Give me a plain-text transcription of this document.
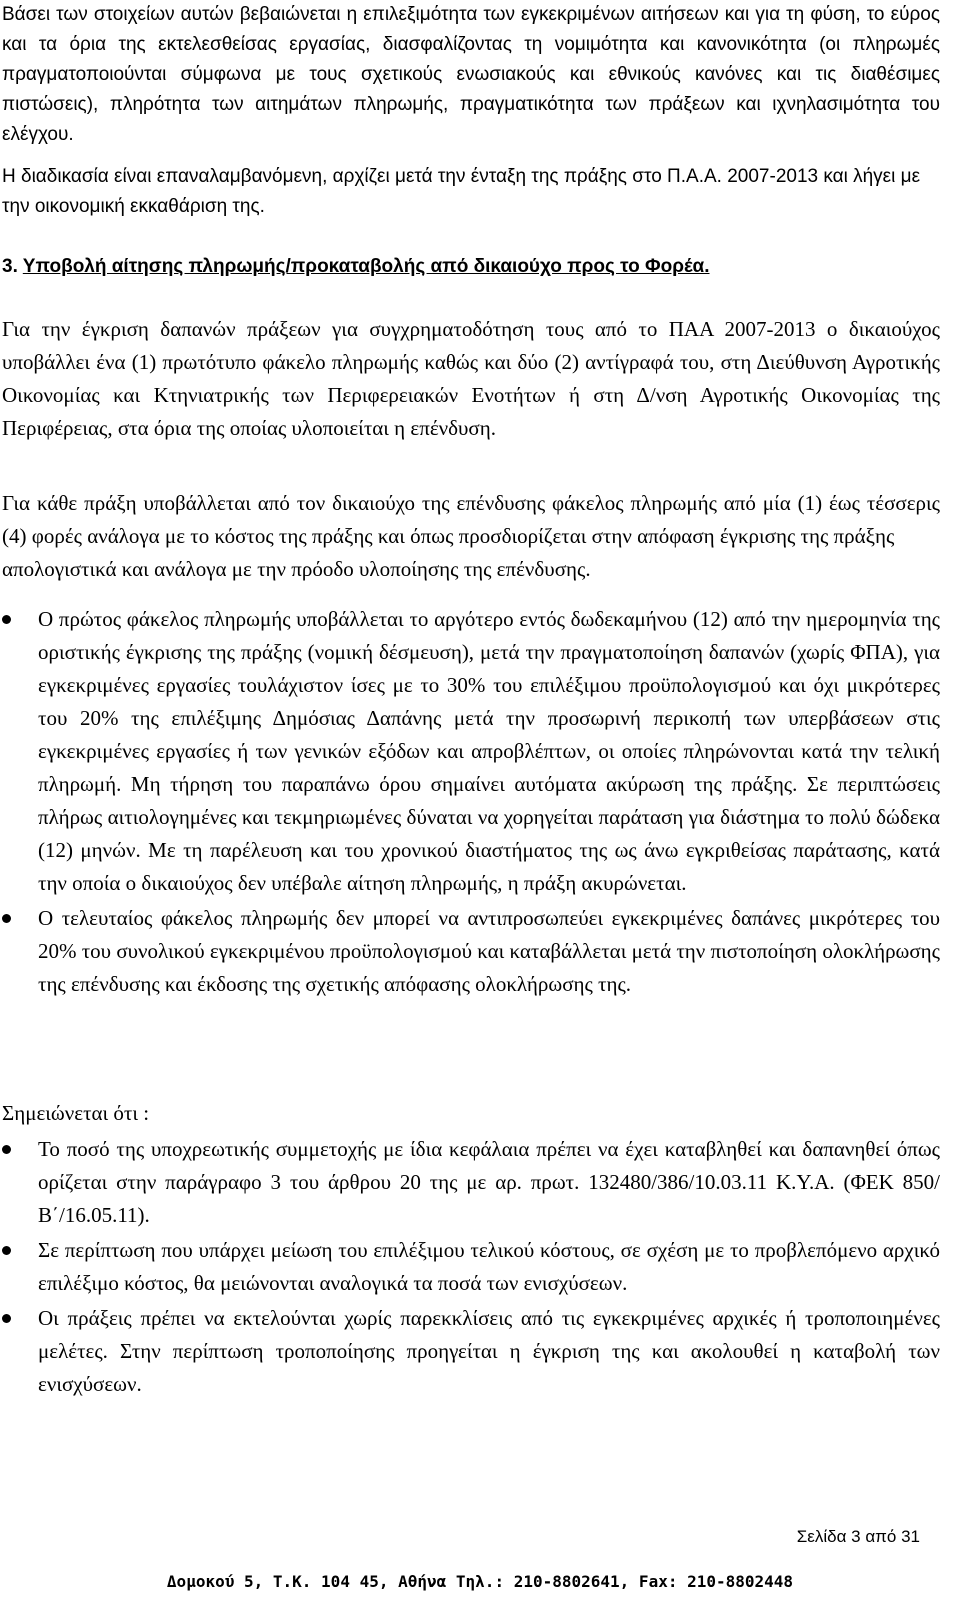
Βάσει των στοιχείων αυτών βεβαιώνεται η επιλεξιμότητα των εγκεκριμένων αιτήσεων και για τη φύση, το εύρος και τα όρια της εκτελεσθείσας εργασίας, διασφαλίζοντας τη νομιμότητα και κανονικότητα (οι πληρωμές πραγματοποιούνται σύμφωνα με τους σχετικούς ενωσιακούς και εθνικούς κανόνες και τις διαθέσιμες πιστώσεις), πληρότητα των αιτημάτων πληρωμής, πραγματικότητα των πράξεων και ιχνηλασιμότητα του ελέγχου.

Η διαδικασία είναι επαναλαμβανόμενη, αρχίζει μετά την ένταξη της πράξης στο Π.Α.Α. 2007-2013 και λήγει με την οικονομική εκκαθάριση της.

3. Υποβολή αίτησης πληρωμής/προκαταβολής από δικαιούχο προς το Φορέα.

Για την έγκριση δαπανών πράξεων για συγχρηματοδότηση τους από το ΠΑΑ 2007-2013 ο δικαιούχος υποβάλλει ένα (1) πρωτότυπο φάκελο πληρωμής καθώς και δύο (2) αντίγραφά του, στη Διεύθυνση Αγροτικής Οικονομίας και Κτηνιατρικής των Περιφερειακών Ενοτήτων ή στη Δ/νση Αγροτικής Οικονομίας της Περιφέρειας, στα όρια της οποίας υλοποιείται η επένδυση.

Για κάθε πράξη υποβάλλεται από τον δικαιούχο της επένδυσης φάκελος πληρωμής από μία (1) έως τέσσερις (4) φορές ανάλογα με το κόστος της πράξης και όπως προσδιορίζεται στην απόφαση έγκρισης της πράξης

απολογιστικά και ανάλογα με την πρόοδο υλοποίησης της επένδυσης.

Ο πρώτος φάκελος πληρωμής υποβάλλεται το αργότερο εντός δωδεκαμήνου (12) από την ημερομηνία της οριστικής έγκρισης της πράξης (νομική δέσμευση), μετά την πραγματοποίηση δαπανών (χωρίς ΦΠΑ), για εγκεκριμένες εργασίες τουλάχιστον ίσες με το 30% του επιλέξιμου προϋπολογισμού και όχι μικρότερες του 20% της επιλέξιμης Δημόσιας Δαπάνης μετά την προσωρινή περικοπή των υπερβάσεων στις εγκεκριμένες εργασίες ή των γενικών εξόδων και απροβλέπτων, οι οποίες πληρώνονται κατά την τελική πληρωμή. Μη τήρηση του παραπάνω όρου σημαίνει αυτόματα ακύρωση της πράξης. Σε περιπτώσεις πλήρως αιτιολογημένες και τεκμηριωμένες δύναται να χορηγείται παράταση για διάστημα το πολύ δώδεκα (12) μηνών. Με τη παρέλευση και του χρονικού διαστήματος της ως άνω εγκριθείσας παράτασης, κατά την οποία ο δικαιούχος δεν υπέβαλε αίτηση πληρωμής, η πράξη ακυρώνεται.
Ο τελευταίος φάκελος πληρωμής δεν μπορεί να αντιπροσωπεύει εγκεκριμένες δαπάνες μικρότερες του 20% του συνολικού εγκεκριμένου προϋπολογισμού και καταβάλλεται μετά την πιστοποίηση ολοκλήρωσης της επένδυσης και έκδοσης της σχετικής απόφασης ολοκλήρωσης της.

Σημειώνεται ότι :

Το ποσό της υποχρεωτικής συμμετοχής με ίδια κεφάλαια πρέπει να έχει καταβληθεί και δαπανηθεί όπως ορίζεται στην παράγραφο 3 του άρθρου 20 της με αρ. πρωτ. 132480/386/10.03.11 Κ.Υ.Α. (ΦΕΚ 850/Β΄/16.05.11).
Σε περίπτωση που υπάρχει μείωση του επιλέξιμου τελικού κόστους, σε σχέση με το προβλεπόμενο αρχικό επιλέξιμο κόστος, θα μειώνονται αναλογικά τα ποσά των ενισχύσεων.
Οι πράξεις πρέπει να εκτελούνται χωρίς παρεκκλίσεις από τις εγκεκριμένες αρχικές ή τροποποιημένες μελέτες. Στην περίπτωση τροποποίησης προηγείται η έγκριση της και ακολουθεί η καταβολή των ενισχύσεων.
Σελίδα 3 από 31
Δομοκού 5, Τ.Κ. 104 45, Αθήνα Τηλ.: 210-8802641, Fax: 210-8802448
